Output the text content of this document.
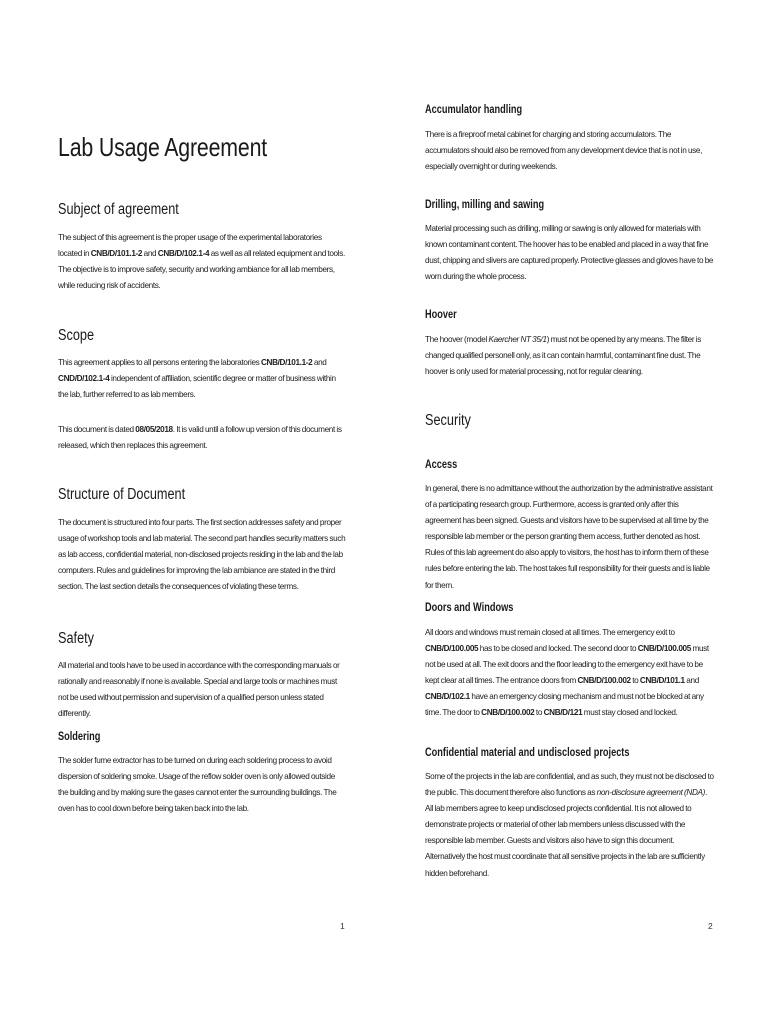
Lab Usage Agreement
Subject of agreement

The subject of this agreement is the proper usage of the experimental laboratories located in CNB/D/101.1-2 and CNB/D/102.1-4 as well as all related equipment and tools. The objective is to improve safety, security and working ambiance for all lab members, while reducing risk of accidents.

Scope

This agreement applies to all persons entering the laboratories CNB/D/101.1-2 and CND/D/102.1-4 independent of affiliation, scientific degree or matter of business within the lab, further referred to as lab members.

This document is dated 08/05/2018. It is valid until a follow up version of this document is released, which then replaces this agreement.

Structure of Document

The document is structured into four parts. The first section addresses safety and proper usage of workshop tools and lab material. The second part handles security matters such as lab access, confidential material, non-disclosed projects residing in the lab and the lab computers. Rules and guidelines for improving the lab ambiance are stated in the third section. The last section details the consequences of violating these terms.

Safety

All material and tools have to be used in accordance with the corresponding manuals or rationally and reasonably if none is available. Special and large tools or machines must not be used without permission and supervision of a qualified person unless stated differently.

Soldering

The solder fume extractor has to be turned on during each soldering process to avoid dispersion of soldering smoke. Usage of the reflow solder oven is only allowed outside the building and by making sure the gases cannot enter the surrounding buildings. The oven has to cool down before being taken back into the lab.

1
Accumulator handling

There is a fireproof metal cabinet for charging and storing accumulators. The accumulators should also be removed from any development device that is not in use, especially overnight or during weekends.

Drilling, milling and sawing

Material processing such as drilling, milling or sawing is only allowed for materials with known contaminant content. The hoover has to be enabled and placed in a way that fine dust, chipping and slivers are captured properly. Protective glasses and gloves have to be worn during the whole process.

Hoover

The hoover (model Kaercher NT 35/1) must not be opened by any means. The filter is changed qualified personell only, as it can contain harmful, contaminant fine dust. The hoover is only used for material processing, not for regular cleaning.

Security
Access

In general, there is no admittance without the authorization by the administrative assistant of a participating research group. Furthermore, access is granted only after this agreement has been signed. Guests and visitors have to be supervised at all time by the responsible lab member or the person granting them access, further denoted as host. Rules of this lab agreement do also apply to visitors, the host has to inform them of these rules before entering the lab. The host takes full responsibility for their guests and is liable for them.

Doors and Windows

All doors and windows must remain closed at all times. The emergency exit to CNB/D/100.005 has to be closed and locked. The second door to CNB/D/100.005 must not be used at all. The exit doors and the floor leading to the emergency exit have to be kept clear at all times. The entrance doors from CNB/D/100.002 to CNB/D/101.1 and CNB/D/102.1 have an emergency closing mechanism and must not be blocked at any time. The door to CNB/D/100.002 to CNB/D/121 must stay closed and locked.

Confidential material and undisclosed projects

Some of the projects in the lab are confidential, and as such, they must not be disclosed to the public. This document therefore also functions as non-disclosure agreement (NDA). All lab members agree to keep undisclosed projects confidential. It is not allowed to demonstrate projects or material of other lab members unless discussed with the responsible lab member. Guests and visitors also have to sign this document. Alternatively the host must coordinate that all sensitive projects in the lab are sufficiently hidden beforehand.

2
